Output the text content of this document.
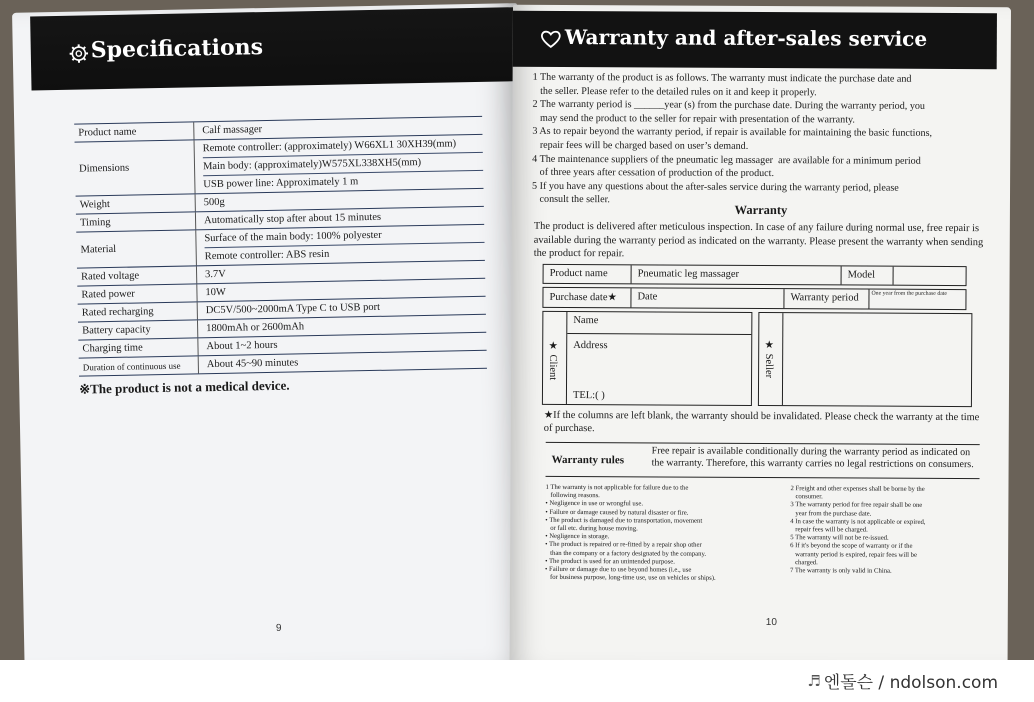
Specifications
Product name	Calf massager
Dimensions
Remote controller: (approximately) W66XL1 30XH39(mm)
Main body: (approximately)W575XL338XH5(mm)
USB power line: Approximately 1 m
Weight	500g
Timing	Automatically stop after about 15 minutes
Material
Surface of the main body: 100% polyester
Remote controller: ABS resin
Rated voltage	3.7V
Rated power	10W
Rated recharging	DC5V/500~2000mA Type C to USB port
Battery capacity	1800mAh or 2600mAh
Charging time	About 1~2 hours
Duration of continuous use	About 45~90 minutes
※The product is not a medical device.
9
Warranty and after-sales service
1 The warranty of the product is as follows. The warranty must indicate the purchase date and
the seller. Please refer to the detailed rules on it and keep it properly.
2 The warranty period is ______year (s) from the purchase date. During the warranty period, you
may send the product to the seller for repair with presentation of the warranty.
3 As to repair beyond the warranty period, if repair is available for maintaining the basic functions,
repair fees will be charged based on user’s demand.
4 The maintenance suppliers of the pneumatic leg massager  are available for a minimum period
of three years after cessation of production of the product.
5 If you have any questions about the after-sales service during the warranty period, please
consult the seller.
Warranty
The product is delivered after meticulous inspection. In case of any failure during normal use, free repair is available during the warranty period as indicated on the warranty. Please present the warranty when sending the product for repair.
Product name	Pneumatic leg massager	Model
Purchase date★	Date	Warranty period	One year from the purchase date
★ Client
Name
Address
TEL:( )
★ Seller
★If the columns are left blank, the warranty should be invalidated. Please check the warranty at the time of purchase.
Warranty rules
Free repair is available conditionally during the warranty period as indicated on the warranty. Therefore, this warranty carries no legal restrictions on consumers.
1 The warranty is not applicable for failure due to the
following reasons.
• Negligence in use or wrongful use.
• Failure or damage caused by natural disaster or fire.
• The product is damaged due to transportation, movement
or fall etc. during house moving.
• Negligence in storage.
• The product is repaired or re-fitted by a repair shop other
than the company or a factory designated by the company.
• The product is used for an unintended purpose.
• Failure or damage due to use beyond homes (i.e., use
for business purpose, long-time use, use on vehicles or ships).
2 Freight and other expenses shall be borne by the
consumer.
3 The warranty period for free repair shall be one
year from the purchase date.
4 In case the warranty is not applicable or expired,
repair fees will be charged.
5 The warranty will not be re-issued.
6 If it's beyond the scope of warranty or if the
warranty period is expired, repair fees will be
charged.
7 The warranty is only valid in China.
10
♬ 엔돌슨 / ndolson.com
